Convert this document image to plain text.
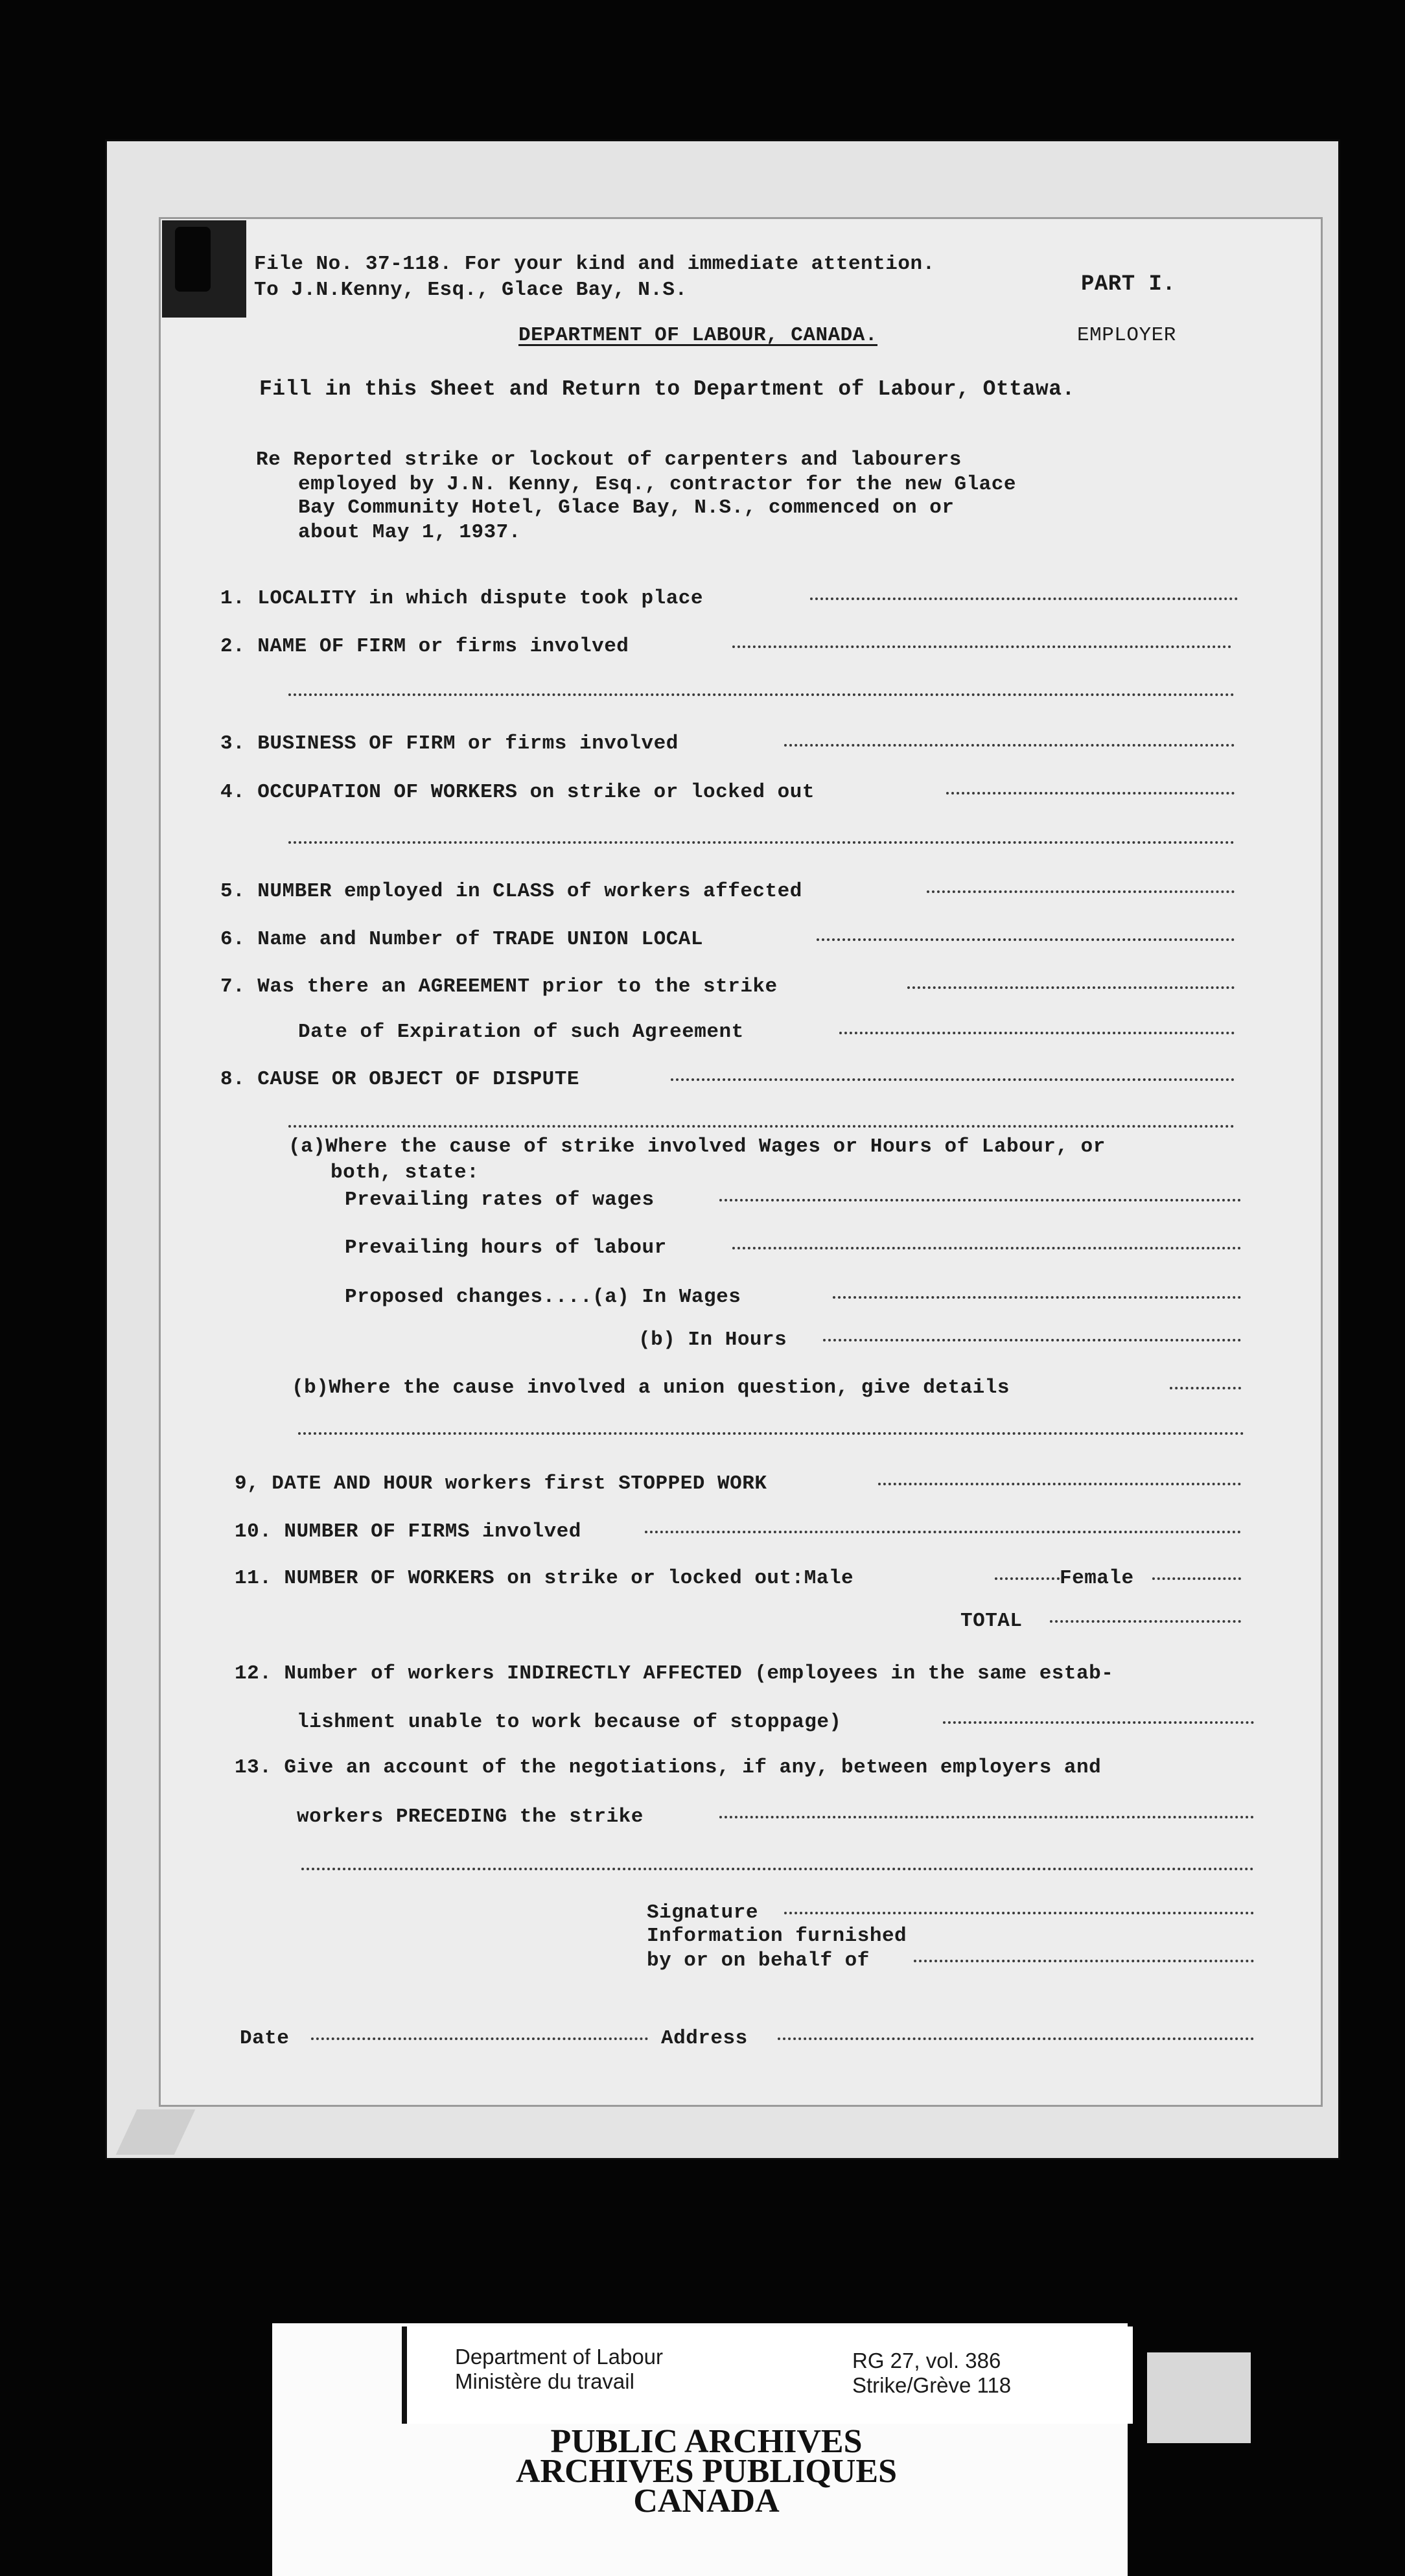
File No. 37-118. For your kind and immediate attention.
To J.N.Kenny, Esq., Glace Bay, N.S.	PART I.
DEPARTMENT OF LABOUR, CANADA.	EMPLOYER
Fill in this Sheet and Return to Department of Labour, Ottawa.
Re Reported strike or lockout of carpenters and labourers
employed by J.N. Kenny, Esq., contractor for the new Glace
Bay Community Hotel, Glace Bay, N.S., commenced on or
about May 1, 1937.
1. LOCALITY in which dispute took place
2. NAME OF FIRM or firms involved
3. BUSINESS OF FIRM or firms involved
4. OCCUPATION OF WORKERS on strike or locked out
5. NUMBER employed in CLASS of workers affected
6. Name and Number of TRADE UNION LOCAL
7. Was there an AGREEMENT prior to the strike
Date of Expiration of such Agreement
8. CAUSE OR OBJECT OF DISPUTE
(a)Where the cause of strike involved Wages or Hours of Labour, or
both, state:
Prevailing rates of wages
Prevailing hours of labour
Proposed changes....(a) In Wages
(b) In Hours
(b)Where the cause involved a union question, give details
9, DATE AND HOUR workers first STOPPED WORK
10. NUMBER OF FIRMS involved
11. NUMBER OF WORKERS on strike or locked out:Male	Female
TOTAL
12. Number of workers INDIRECTLY AFFECTED (employees in the same estab-
lishment unable to work because of stoppage)
13. Give an account of the negotiations, if any, between employers and
workers PRECEDING the strike
Signature
Information furnished
by or on behalf of
Date	Address
Department of Labour
Ministère du travail
RG 27, vol. 386
Strike/Grève 118
PUBLIC ARCHIVES
ARCHIVES PUBLIQUES
CANADA
